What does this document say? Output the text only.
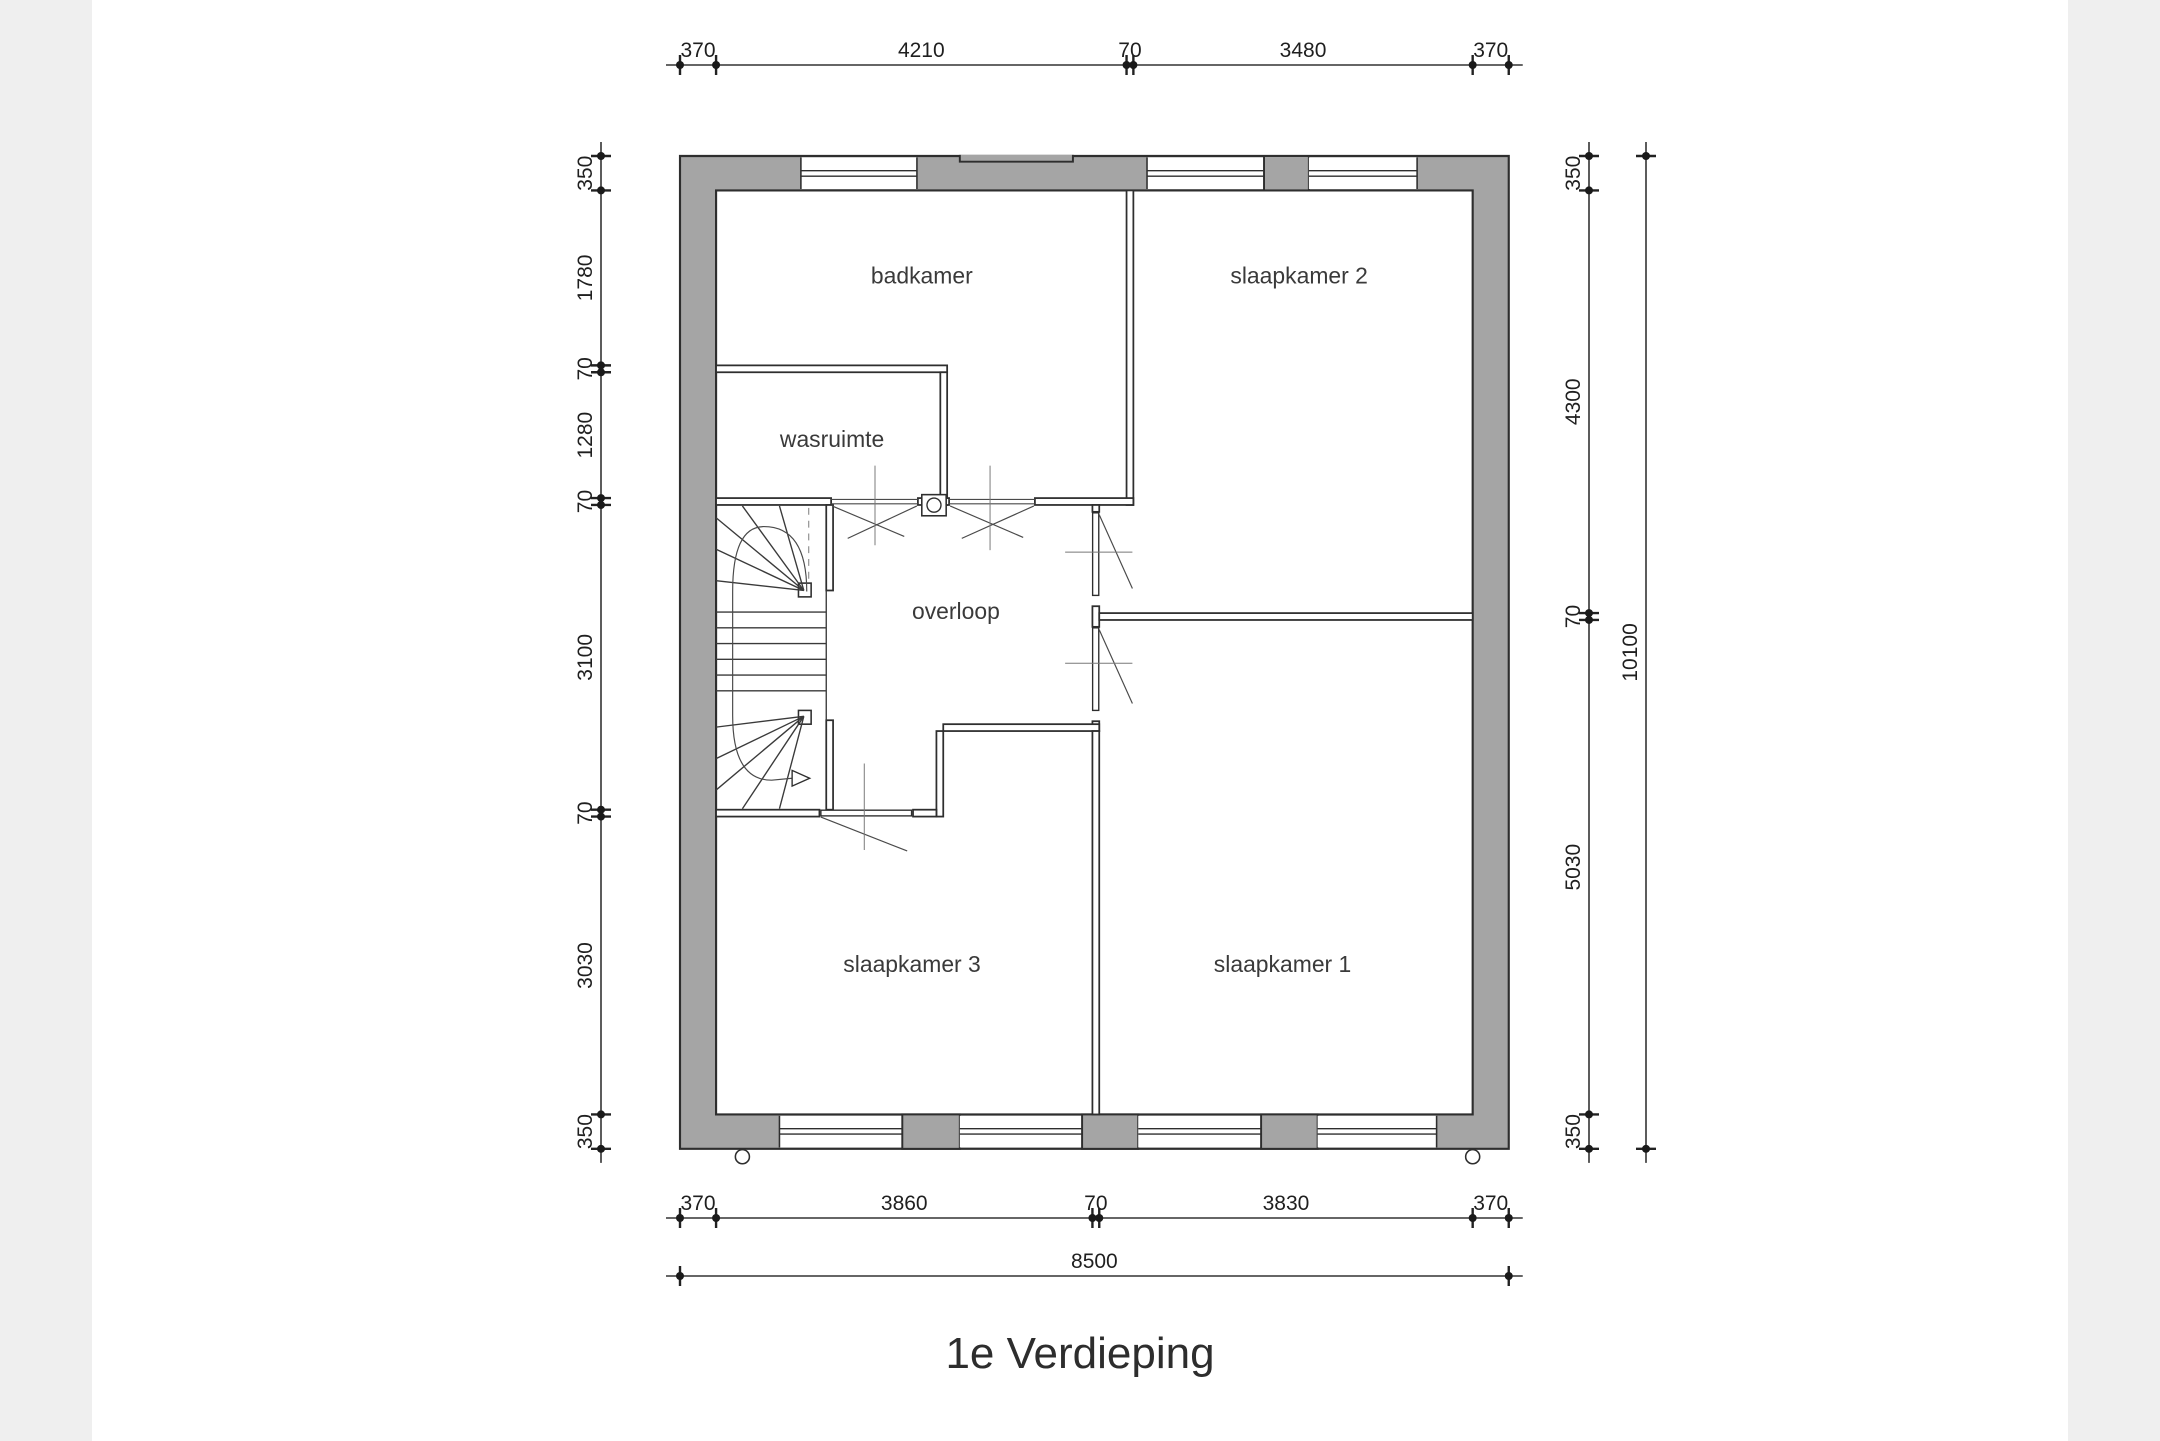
badkamer slaapkamer 2
wasruimte
overloop
slaapkamer 3 slaapkamer 1
370	4210	70	3480	370
370	3860	70	3830	370
8500
350
1780
70
1280
70
3100
70
3030
350
350
4300
70
5030
350
10100
1e Verdieping
